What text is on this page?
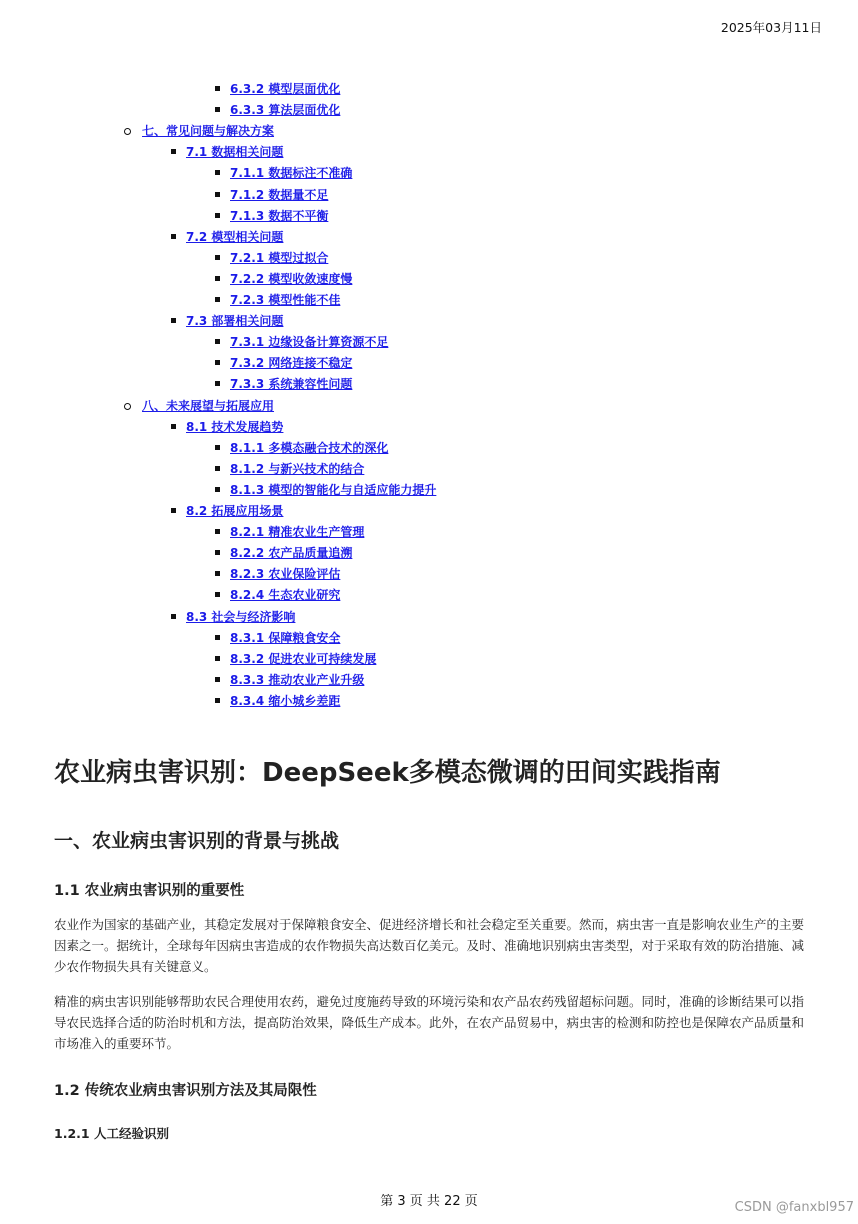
2025年03月11日
6.3.2 模型层面优化
6.3.3 算法层面优化
七、常见问题与解决方案
7.1 数据相关问题
7.1.1 数据标注不准确
7.1.2 数据量不足
7.1.3 数据不平衡
7.2 模型相关问题
7.2.1 模型过拟合
7.2.2 模型收敛速度慢
7.2.3 模型性能不佳
7.3 部署相关问题
7.3.1 边缘设备计算资源不足
7.3.2 网络连接不稳定
7.3.3 系统兼容性问题
八、未来展望与拓展应用
8.1 技术发展趋势
8.1.1 多模态融合技术的深化
8.1.2 与新兴技术的结合
8.1.3 模型的智能化与自适应能力提升
8.2 拓展应用场景
8.2.1 精准农业生产管理
8.2.2 农产品质量追溯
8.2.3 农业保险评估
8.2.4 生态农业研究
8.3 社会与经济影响
8.3.1 保障粮食安全
8.3.2 促进农业可持续发展
8.3.3 推动农业产业升级
8.3.4 缩小城乡差距
农业病虫害识别：DeepSeek多模态微调的田间实践指南
一、农业病虫害识别的背景与挑战
1.1 农业病虫害识别的重要性

农业作为国家的基础产业，其稳定发展对于保障粮食安全、促进经济增长和社会稳定至关重要。然而，病虫害一直是影响农业生产的主要因素之一。据统计，全球每年因病虫害造成的农作物损失高达数百亿美元。及时、准确地识别病虫害类型，对于采取有效的防治措施、减少农作物损失具有关键意义。

精准的病虫害识别能够帮助农民合理使用农药，避免过度施药导致的环境污染和农产品农药残留超标问题。同时，准确的诊断结果可以指导农民选择合适的防治时机和方法，提高防治效果，降低生产成本。此外，在农产品贸易中，病虫害的检测和防控也是保障农产品质量和市场准入的重要环节。

1.2 传统农业病虫害识别方法及其局限性
1.2.1 人工经验识别
第 3 页 共 22 页	CSDN @fanxbl957
